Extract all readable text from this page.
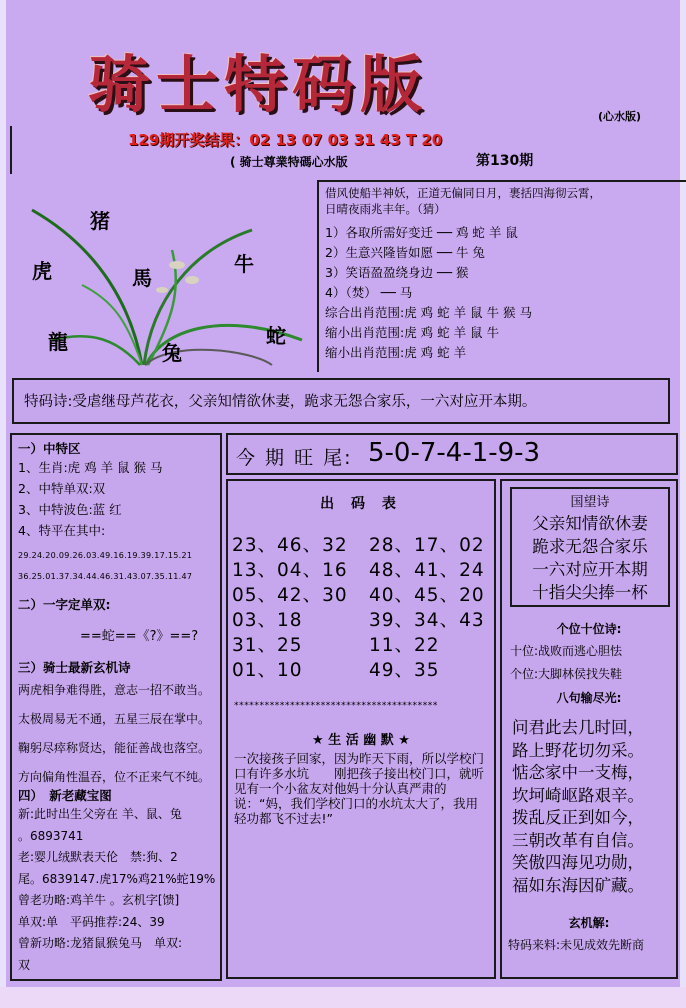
骑士特码版	(心水版)
129期开奖结果：02 13 07 03 31 43 T 20
( 骑士尊業特碼心水版	第130期
猪
虎	馬
牛
龍	兔
蛇
借风使船半神妖，正道无偏同日月，裹括四海彻云霄，
日晴夜雨兆丰年。（猜）
1）各取所需好变迁 ── 鸡 蛇 羊 鼠
2）生意兴隆皆如愿 ── 牛 兔
3）笑语盈盈绕身边 ── 猴
4）（焚） ── 马
综合出肖范围:虎 鸡 蛇 羊 鼠 牛 猴 马
缩小出肖范围:虎 鸡 蛇 羊 鼠 牛
缩小出肖范围:虎 鸡 蛇 羊
特码诗:受虐继母芦花衣，父亲知情欲休妻，跪求无怨合家乐，一六对应开本期。
一）中特区
1、生肖:虎 鸡 羊 鼠 猴 马
2、中特单双:双
3、中特波色:蓝 红
4、特平在其中:
29.24.20.09.26.03.49.16.19.39.17.15.21
36.25.01.37.34.44.46.31.43.07.35.11.47
二）一字定单双:
==蛇==《?》==?
三）骑士最新玄机诗
两虎相争难得胜，意志一招不敢当。
太极周易无不通，五星三辰在掌中。
鞠躬尽瘁称贤达，能征善战也落空。
方向偏角性温吞，位不正来气不纯。
四）　新老藏宝图
新:此时出生父旁在 羊、鼠、兔
。6893741
老:婴儿绒默表天伦　禁:狗、2
尾。6839147.虎17%鸡21%蛇19%
曾老功略:鸡羊牛 。玄机字[馈]
单双:单　平码推荐:24、39
曾新功略:龙猪鼠猴兔马　单双:
双
今 期 旺 尾: 5-0-7-4-1-9-3
出 码 表
23、46、32 28、17、02
13、04、16 48、41、24
05、42、30 40、45、20
03、18	39、34、43
31、25	11、22
01、10	49、35
****************************************
★ 生 活 幽 默 ★
一次接孩子回家，因为昨天下雨，所以学校门口有许多水坑　　刚把孩子接出校门口，就听见有一个小盆友对他妈十分认真严肃的说：“妈，我们学校门口的水坑太大了，我用轻功都飞不过去!”
国望诗
父亲知情欲休妻
跪求无怨合家乐
一六对应开本期
十指尖尖捧一杯
个位十位诗:
十位:战败而逃心胆怯
个位:大脚林侯找失鞋
八句输尽光:
问君此去几时回，
路上野花切勿采。
惦念家中一支梅，
坎坷崎岖路艰辛。
拨乱反正到如今，
三朝改革有自信。
笑傲四海见功勋，
福如东海因矿藏。
玄机解:
特码来料:未见成效先断商
